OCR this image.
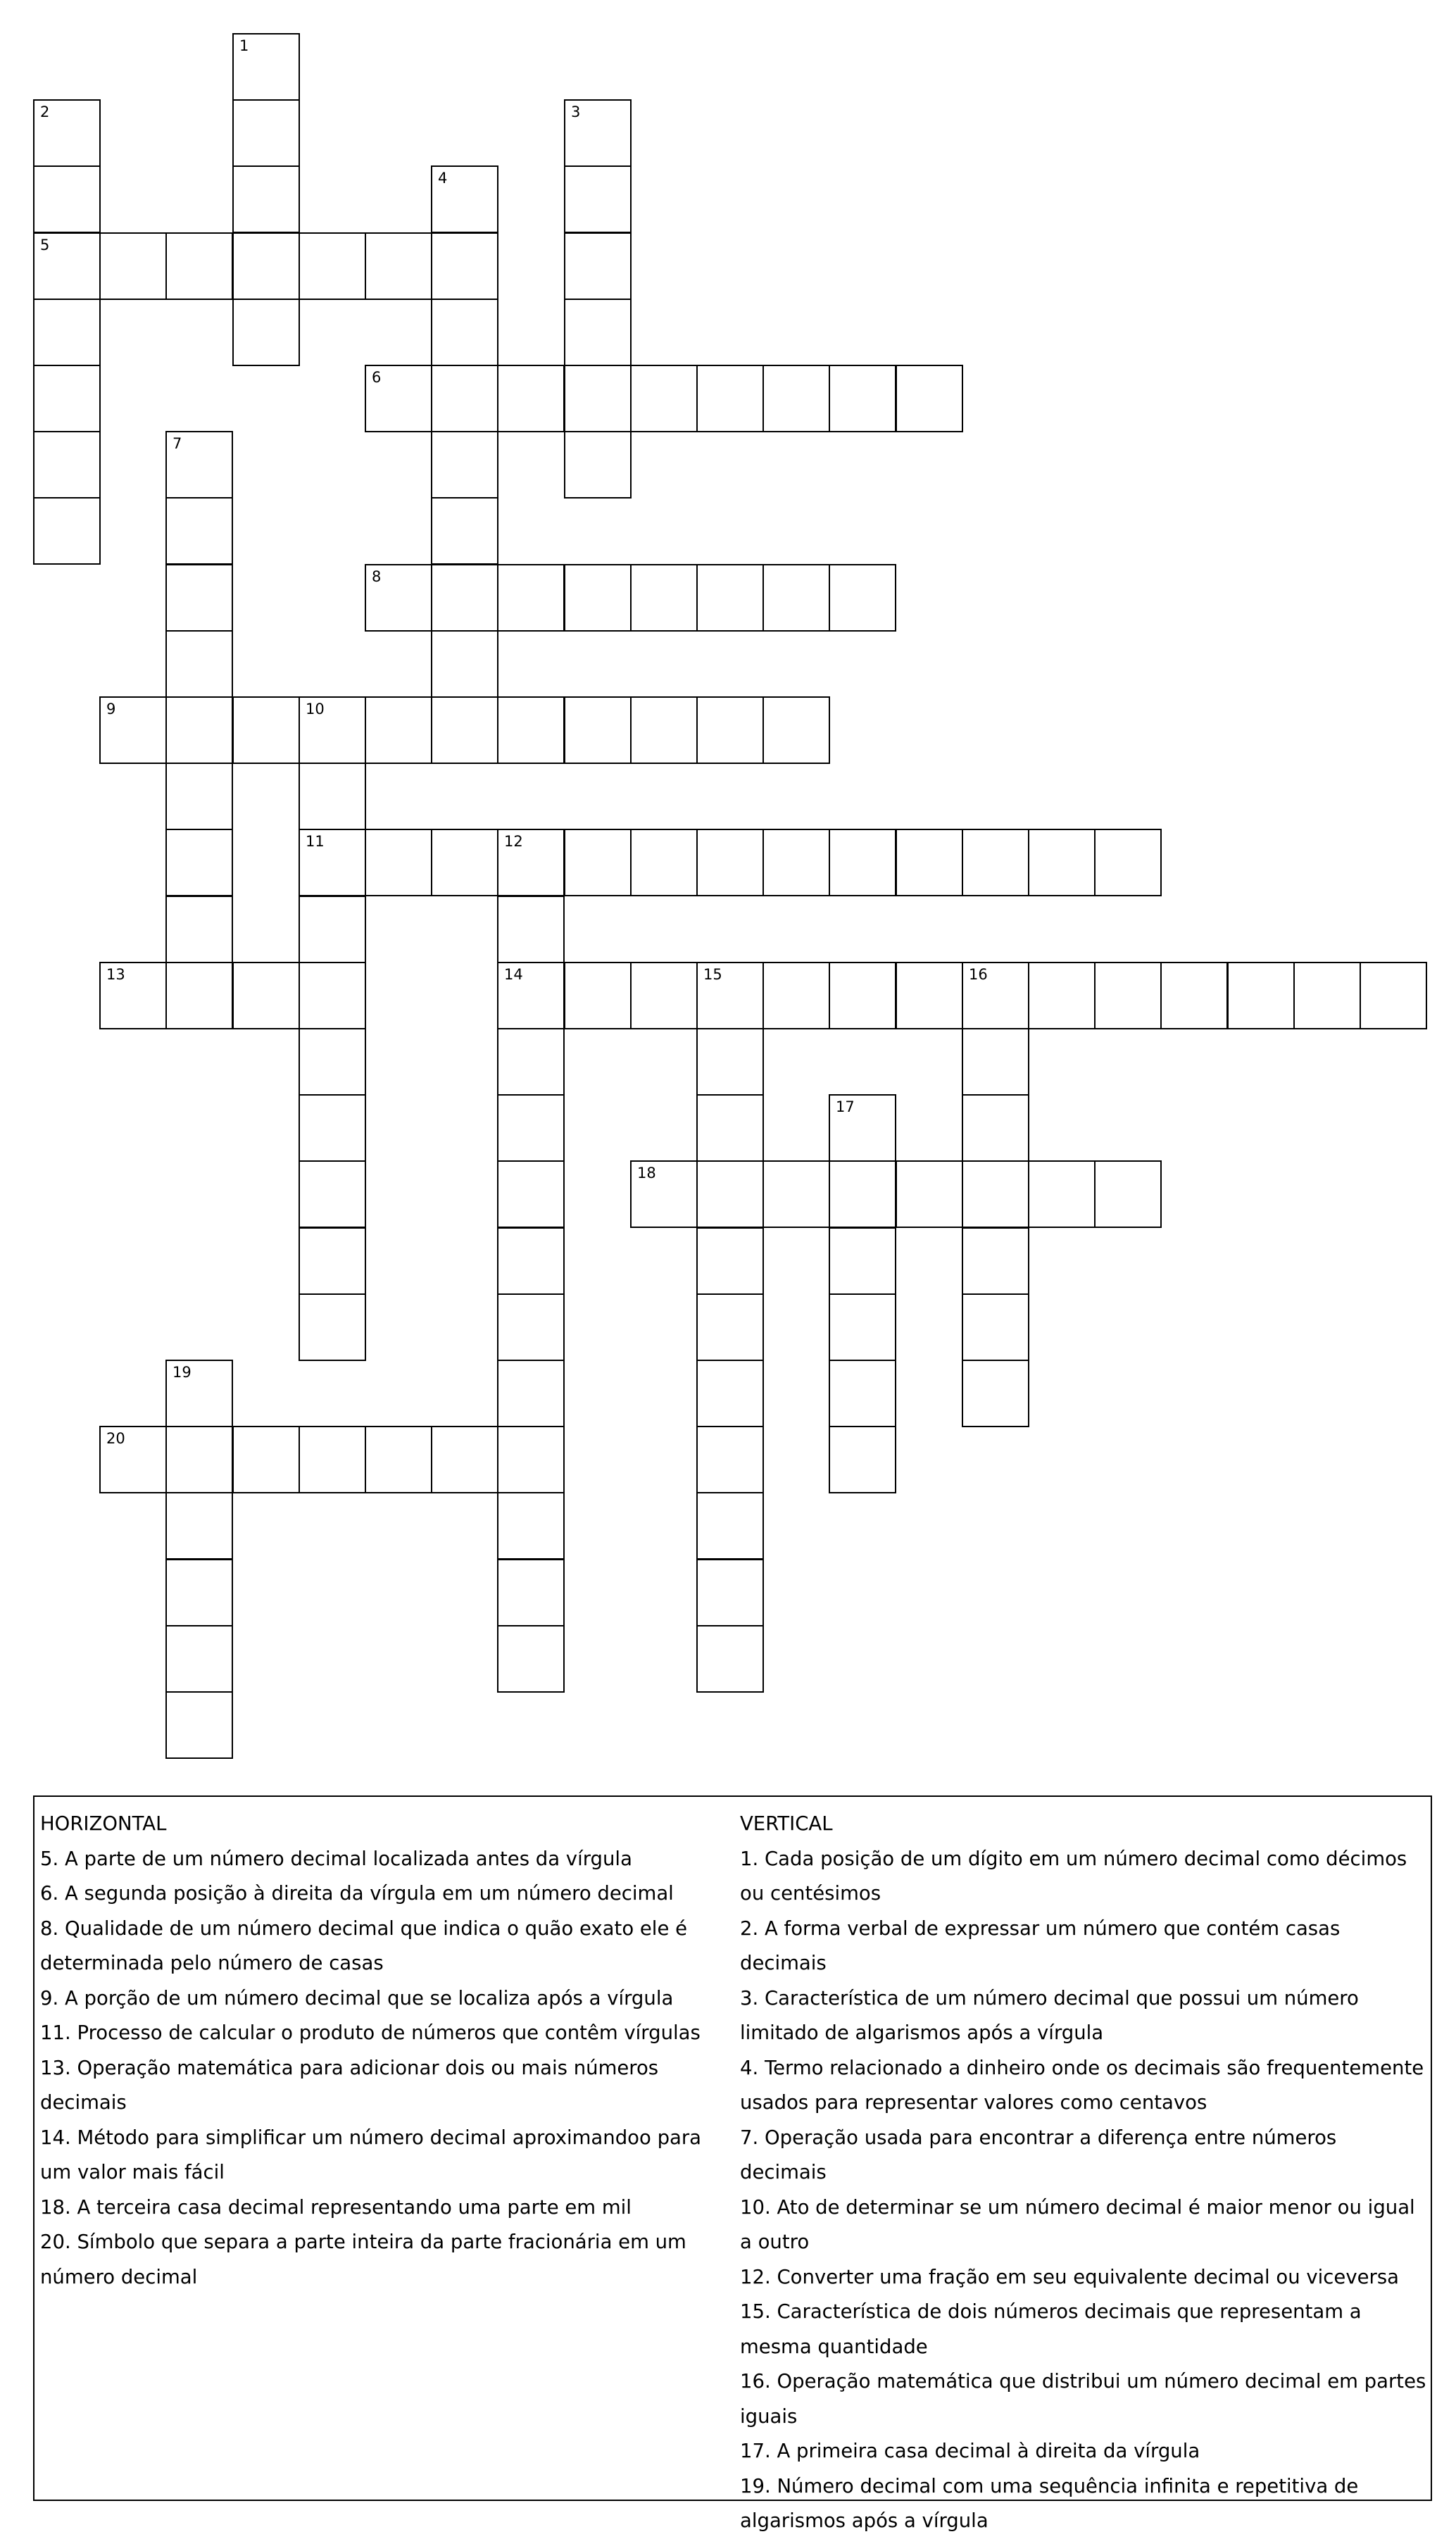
1
2	3
4
5
6
7
8
9	10
11	12
13	14	15	16
17
18
19
20

HORIZONTAL

5. A parte de um número decimal localizada antes da vírgula

6. A segunda posição à direita da vírgula em um número decimal

8. Qualidade de um número decimal que indica o quão exato ele é determinada pelo número de casas

9. A porção de um número decimal que se localiza após a vírgula

11. Processo de calcular o produto de números que contêm vírgulas

13. Operação matemática para adicionar dois ou mais números decimais

14. Método para simplificar um número decimal aproximandoo para um valor mais fácil

18. A terceira casa decimal representando uma parte em mil

20. Símbolo que separa a parte inteira da parte fracionária em um número decimal

VERTICAL

1. Cada posição de um dígito em um número decimal como décimos ou centésimos

2. A forma verbal de expressar um número que contém casas decimais

3. Característica de um número decimal que possui um número limitado de algarismos após a vírgula

4. Termo relacionado a dinheiro onde os decimais são frequentemente usados para representar valores como centavos

7. Operação usada para encontrar a diferença entre números decimais

10. Ato de determinar se um número decimal é maior menor ou igual a outro

12. Converter uma fração em seu equivalente decimal ou viceversa

15. Característica de dois números decimais que representam a mesma quantidade

16. Operação matemática que distribui um número decimal em partes iguais

17. A primeira casa decimal à direita da vírgula

19. Número decimal com uma sequência infinita e repetitiva de algarismos após a vírgula
